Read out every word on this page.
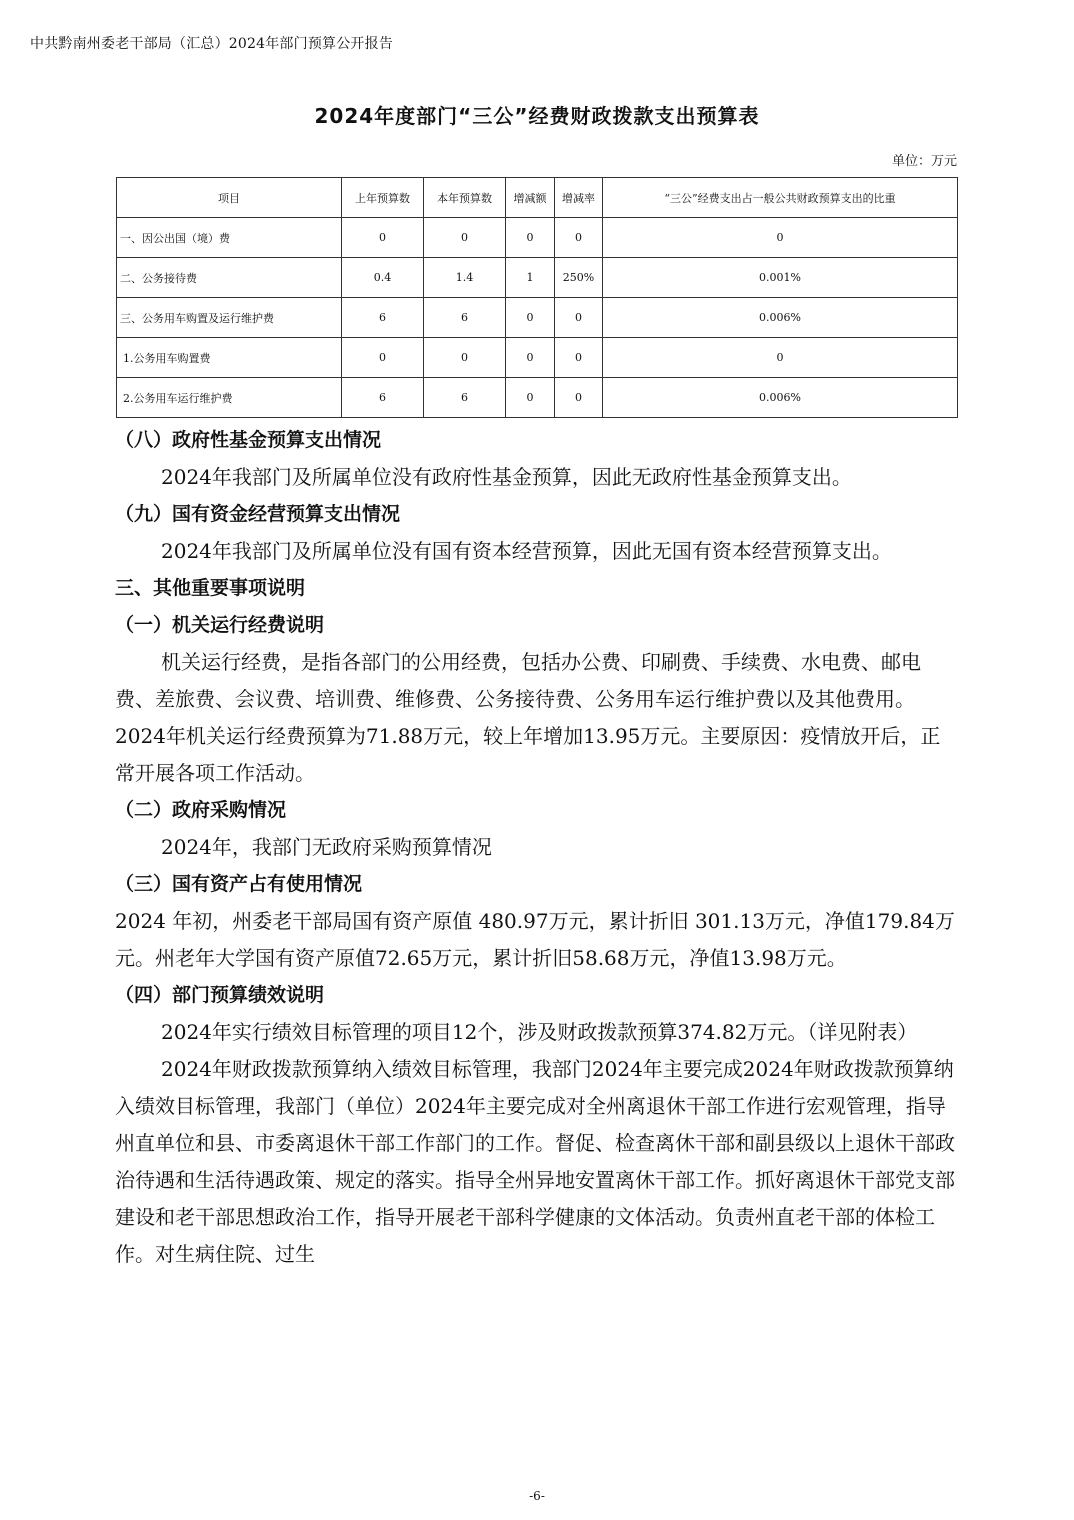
中共黔南州委老干部局（汇总）2024年部门预算公开报告
2024年度部门“三公”经费财政拨款支出预算表
单位：万元
项目	上年预算数	本年预算数	增减额	增减率	“三公”经费支出占一般公共财政预算支出的比重
一、因公出国（境）费	0	0	0	0	0
二、公务接待费	0.4	1.4	1	250%	0.001%
三、公务用车购置及运行维护费	6	6	0	0	0.006%
1.公务用车购置费	0	0	0	0	0
2.公务用车运行维护费	6	6	0	0	0.006%
（八）政府性基金预算支出情况

2024年我部门及所属单位没有政府性基金预算，因此无政府性基金预算支出。

（九）国有资金经营预算支出情况

2024年我部门及所属单位没有国有资本经营预算，因此无国有资本经营预算支出。

三、其他重要事项说明
（一）机关运行经费说明

机关运行经费，是指各部门的公用经费，包括办公费、印刷费、手续费、水电费、邮电费、差旅费、会议费、培训费、维修费、公务接待费、公务用车运行维护费以及其他费用。2024年机关运行经费预算为71.88万元，较上年增加13.95万元。主要原因：疫情放开后，正常开展各项工作活动。

（二）政府采购情况

2024年，我部门无政府采购预算情况

（三）国有资产占有使用情况

2024 年初，州委老干部局国有资产原值 480.97万元，累计折旧 301.13万元，净值179.84万元。州老年大学国有资产原值72.65万元，累计折旧58.68万元，净值13.98万元。

（四）部门预算绩效说明

2024年实行绩效目标管理的项目12个，涉及财政拨款预算374.82万元。（详见附表）

2024年财政拨款预算纳入绩效目标管理，我部门2024年主要完成2024年财政拨款预算纳入绩效目标管理，我部门（单位）2024年主要完成对全州离退休干部工作进行宏观管理，指导州直单位和县、市委离退休干部工作部门的工作。督促、检查离休干部和副县级以上退休干部政治待遇和生活待遇政策、规定的落实。指导全州异地安置离休干部工作。抓好离退休干部党支部建设和老干部思想政治工作，指导开展老干部科学健康的文体活动。负责州直老干部的体检工作。对生病住院、过生

-6-
